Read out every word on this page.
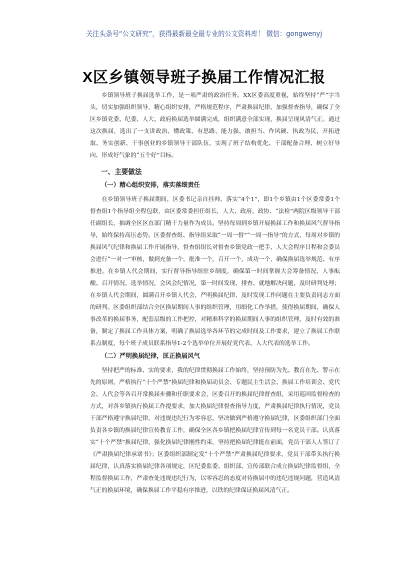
关注头条号“公文研究”，获得最新最全最专业的公文资料库！ 微信：gongwenyj
X区乡镇领导班子换届工作情况汇报

乡镇领导班子换届选举工作，是一项严肃的政治任务。XX区委高度重视，始终坚持“严”字当头，切实加强组织领导，精心组织安排，严格规范程序，严肃换届纪律，加强督查指导，确保了全区乡镇党委、纪委、人大、政府换届选举圆满完成，组织满意全部实现，换届呈现风清气正。通过这次换届，选出了一支讲政治、懂政策、有思路、能力强、敢担当、作风硬、执政为民、开拓进取、务实创新、干事创业的乡镇领导干部队伍，实现了班子结构优化、干部配备合理、树立好导向、形成好气象的“五个好”目标。

一、主要做法
（一）精心组织安排，落实落细责任

在乡镇领导班子换届期间，区委书记亲自挂帅，落实“4个1”，即1个乡镇由1个区委常委1个督查组1个指导组全程包联，由区委常委担任组长，人大、政府、政协、“法检”两院区级领导干部任副组长，抽调全区区直部门精干力量作为成员。坚持每周到乡镇开展换届工作和换届风气督导指导，始终保持高压态势。区委督查组、指导组采取“一周一督”“一周一指导”的方式，每周对乡镇的换届风气纪律和换届工作开展指导，督查组组长对督查乡镇党政一把手、人大会程序日程和会委员会进行“一对一”审核，做到充备一个，批准一个，召开一个，成功一个，确保换届选举规范、有序推进。在乡镇人代会期间，实行督导指导组驻乡制度，确保第一时间掌握大会筹备情况、人事酝酿、召开情况、选举情况，会风会纪情况，第一时间发现、排查、就地解决问题，及时研判处理；在乡镇人代会期间，圆满召开乡镇人代会，严明换届纪律，及时发现工作问题在主要负责同志方面的研判。区委组织部结合全区换届期间人事的组织管理，用细化工作举措，使得换届期间，确保人事改革的换届事务，配套层级的工作把控，对精准科学的换届期间人事的组织管理，及时有效的准备，制定了换届工作具体方案，明确了换届选举各环节的完成时间及工作要求，建立了换届工作联系点制度，每个班子成员联系指导1-2个选举单位开展好党代表、人大代表的选举工作。

（二）严明换届纪律，匡正换届风气

坚持把严的标准、实的要求，我的纪律贯彻换届工作始终，坚持预防为先、教育在先、警示在先的原则，严格执行“十个严禁”换届纪律和换届动员会、专题民主生活会、换届工作培训会、党代会、人代会等各召开常换届步骤和任职要求会，区委召开的换届纪律督查组，采用巡回监督检查的方式，对各乡镇执行换届工作提要求，加大换届纪律督查指导力度，严肃换届纪律执行情况，党员干部严格遵守换届纪律，对违规违纪行为零容忍，坚决做到严格遵守换届纪律，区委组织部门全面负责各乡镇的换届纪律宣传教育工作，确保全区各乡镇把换届纪律宣传到每一名党员干部。认真落实“十个严禁”换届纪律，强化换届纪律刚性约束，坚持把换届纪律挺在前面，党员干部人人签订了《严肃换届纪律承诺书》；区委组织部制定发“十个严禁”严肃换届纪律要求，党员干部带头执行换届纪律，认真落实换届纪律各项规定，区纪委监委、组织部、宣传部联合成立换届纪律监督组，全程监督换届工作，严肃查处违规违纪行为，以零容忍的态度对待换届中的违纪违规问题，营造风清气正的换届环境，确保换届工作平稳有序推进，以铁的纪律保证换届风清气正。
